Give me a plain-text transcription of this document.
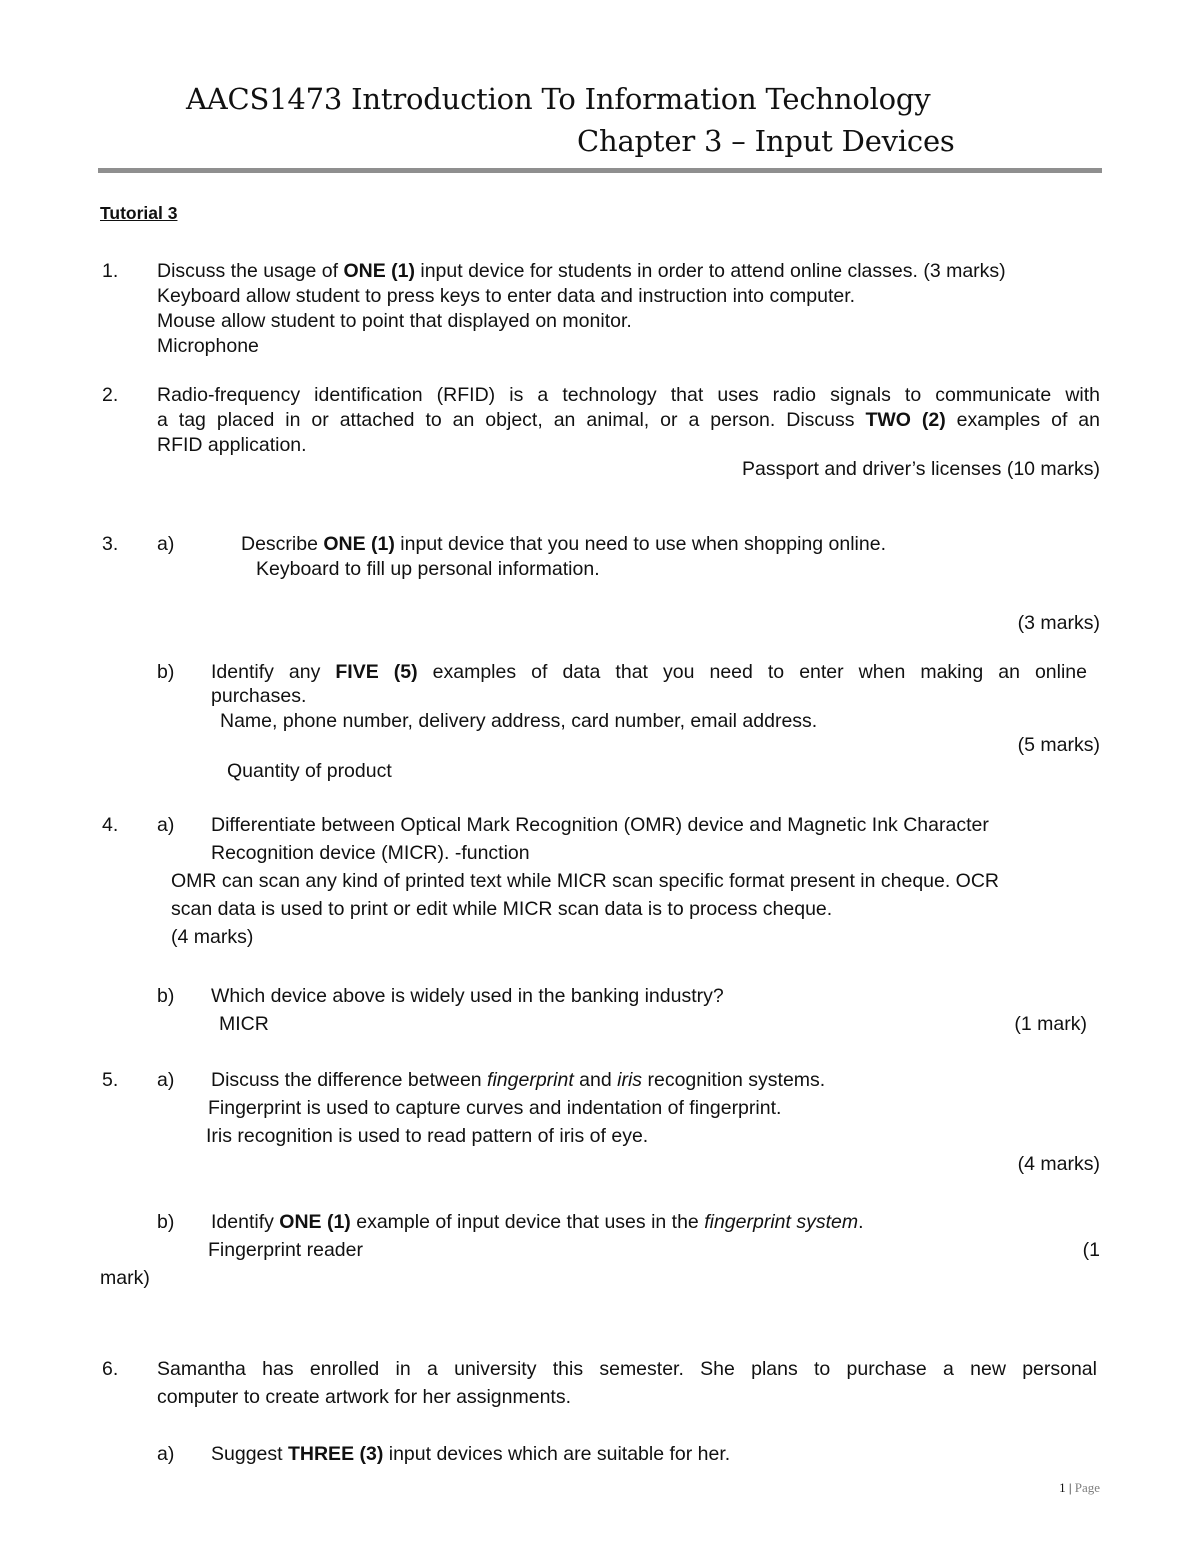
AACS1473 Introduction To Information Technology
Chapter 3 – Input Devices
Tutorial 3
1. Discuss the usage of ONE (1) input device for students in order to attend online classes. (3 marks)
Keyboard allow student to press keys to enter data and instruction into computer.
Mouse allow student to point that displayed on monitor.
Microphone
2. Radio-frequency identification (RFID) is a technology that uses radio signals to communicate with
a tag placed in or attached to an object, an animal, or a person. Discuss TWO (2) examples of an
RFID application.
Passport and driver’s licenses (10 marks)
3. a)	Describe ONE (1) input device that you need to use when shopping online.
Keyboard to fill up personal information.
(3 marks)
b) Identify any FIVE (5) examples of data that you need to enter when making an online
purchases.
Name, phone number, delivery address, card number, email address.
(5 marks)
Quantity of product
4. a) Differentiate between Optical Mark Recognition (OMR) device and Magnetic Ink Character
Recognition device (MICR). -function
OMR can scan any kind of printed text while MICR scan specific format present in cheque. OCR
scan data is used to print or edit while MICR scan data is to process cheque.
(4 marks)
b) Which device above is widely used in the banking industry?
MICR	(1 mark)
5. a) Discuss the difference between fingerprint and iris recognition systems.
Fingerprint is used to capture curves and indentation of fingerprint.
Iris recognition is used to read pattern of iris of eye.
(4 marks)
b) Identify ONE (1) example of input device that uses in the fingerprint system.
Fingerprint reader	(1
mark)
6. Samantha has enrolled in a university this semester. She plans to purchase a new personal
computer to create artwork for her assignments.
a) Suggest THREE (3) input devices which are suitable for her.
1 | Page
